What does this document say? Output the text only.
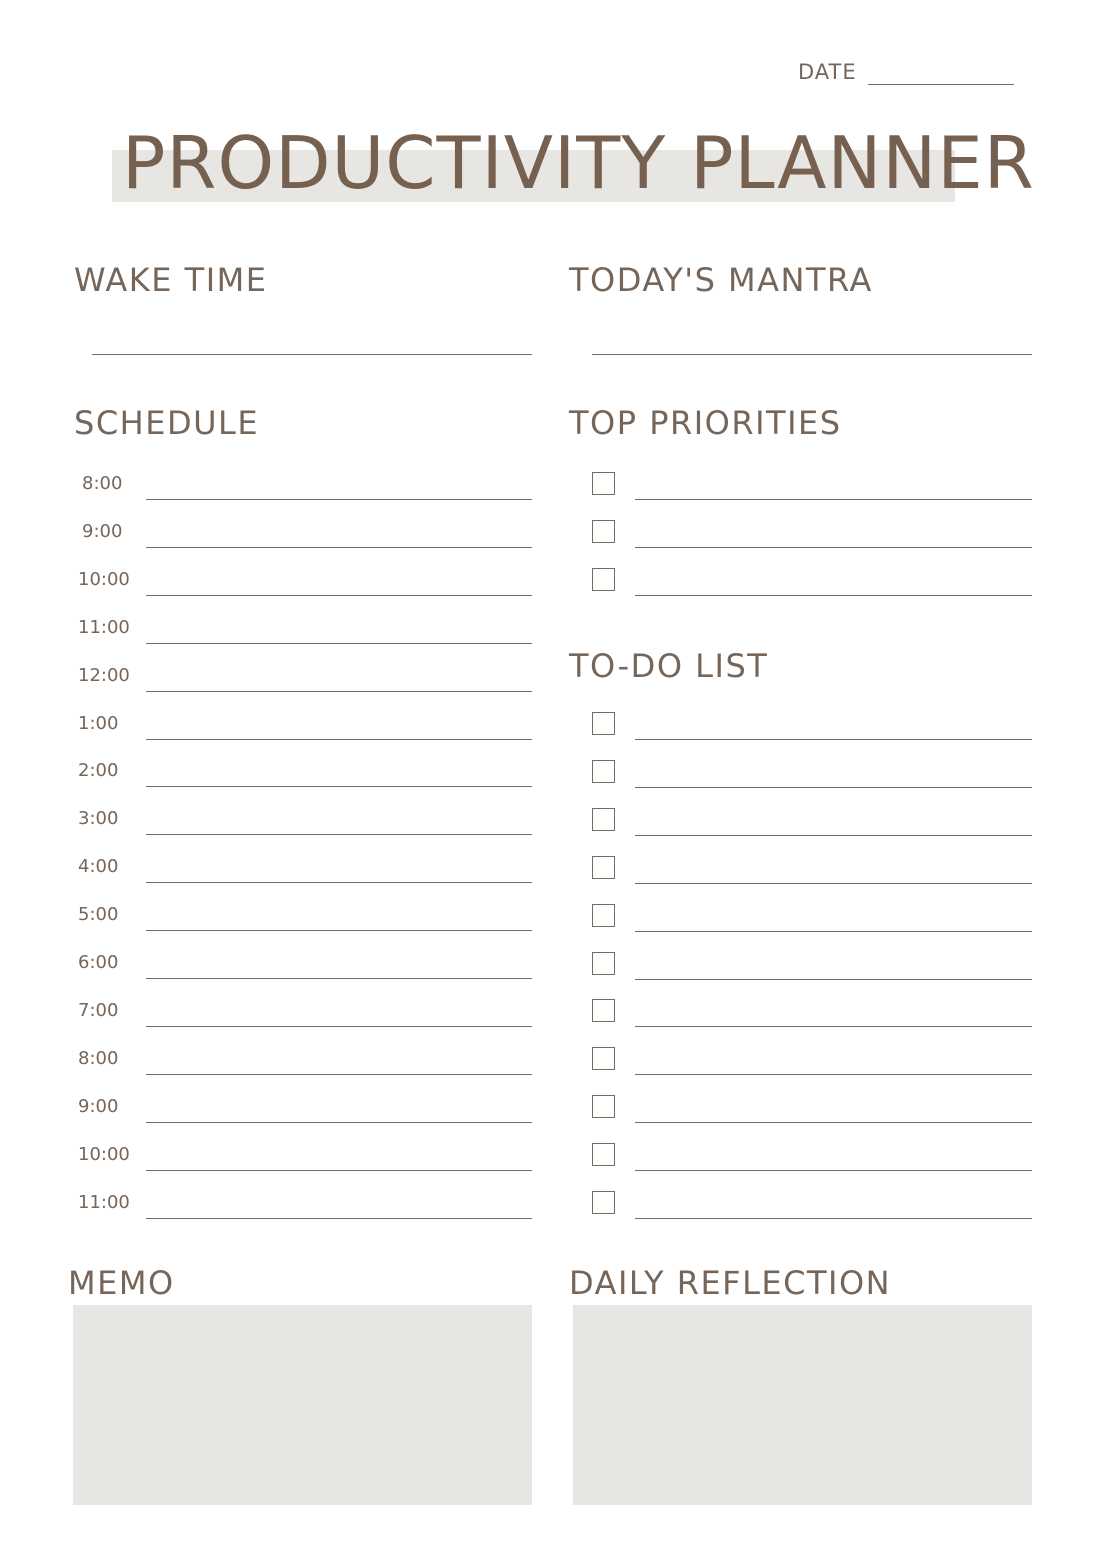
DATE
PRODUCTIVITY PLANNER
WAKE TIME	TODAY'S MANTRA
SCHEDULE
8:00
9:00
10:00
11:00
12:00
1:00
2:00
3:00
4:00
5:00
6:00
7:00
8:00
9:00
10:00
11:00
TOP PRIORITIES
TO-DO LIST
MEMO	DAILY REFLECTION
